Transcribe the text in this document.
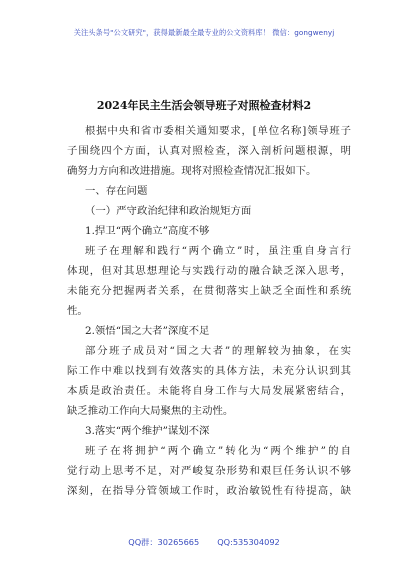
关注头条号"公文研究"，获得最新最全最专业的公文资料库！ 微信：gongwenyj
2024年民主生活会领导班子对照检查材料2
根据中央和省市委相关通知要求，[单位名称]领导班子
子围绕四个方面，认真对照检查，深入剖析问题根源，明
确努力方向和改进措施。现将对照检查情况汇报如下。
一、存在问题
（一）严守政治纪律和政治规矩方面
1.捍卫“两个确立”高度不够
班子在理解和践行“两个确立”时，虽注重自身言行
体现，但对其思想理论与实践行动的融合缺乏深入思考，
未能充分把握两者关系，在贯彻落实上缺乏全面性和系统
性。
2.领悟“国之大者”深度不足
部分班子成员对“国之大者”的理解较为抽象，在实
际工作中难以找到有效落实的具体方法，未充分认识到其
本质是政治责任。未能将自身工作与大局发展紧密结合，
缺乏推动工作向大局聚焦的主动性。
3.落实“两个维护”谋划不深
班子在将拥护“两个确立”转化为“两个维护”的自
觉行动上思考不足，对严峻复杂形势和艰巨任务认识不够
深刻，在指导分管领域工作时，政治敏锐性有待提高，缺
QQ群：30265665 QQ:535304092
